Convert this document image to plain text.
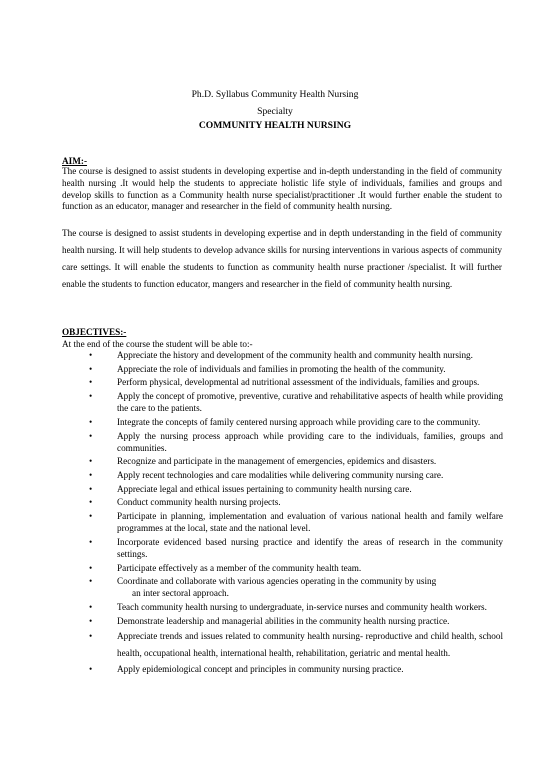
Ph.D. Syllabus Community Health Nursing
Specialty
COMMUNITY HEALTH NURSING
AIM:-
The course is designed to assist students in developing expertise and in-depth understanding in the field of community health nursing .It would help the students to appreciate holistic life style of individuals, families and groups and develop skills to function as a Community health nurse specialist/practitioner .It would further enable the student to function as an educator, manager and researcher in the field of community health nursing.
The course is designed to assist students in developing expertise and in depth understanding in the field of community health nursing. It will help students to develop advance skills for nursing interventions in various aspects of community care settings. It will enable the students to function as community health nurse practioner /specialist. It will further enable the students to function educator, mangers and researcher in the field of community health nursing.
OBJECTIVES:-
At the end of the course the student will be able to:-
•	Appreciate the history and development of the community health and community health nursing.
•	Appreciate the role of individuals and families in promoting the health of the community.
•	Perform physical, developmental ad nutritional assessment of the individuals, families and groups.
•	Apply the concept of promotive, preventive, curative and rehabilitative aspects of health while providing the care to the patients.
•	Integrate the concepts of family centered nursing approach while providing care to the community.
•	Apply the nursing process approach while providing care to the individuals, families, groups and communities.
•	Recognize and participate in the management of emergencies, epidemics and disasters.
•	Apply recent technologies and care modalities while delivering community nursing care.
•	Appreciate legal and ethical issues pertaining to community health nursing care.
•	Conduct community health nursing projects.
•	Participate in planning, implementation and evaluation of various national health and family welfare programmes at the local, state and the national level.
•	Incorporate evidenced based nursing practice and identify the areas of research in the community settings.
•	Participate effectively as a member of the community health team.
•	Coordinate and collaborate with various agencies operating in the community by using
an inter sectoral approach.
•	Teach community health nursing to undergraduate, in-service nurses and community health workers.
•	Demonstrate leadership and managerial abilities in the community health nursing practice.
•	Appreciate trends and issues related to community health nursing- reproductive and child health, school health, occupational health, international health, rehabilitation, geriatric and mental health.
•	Apply epidemiological concept and principles in community nursing practice.
